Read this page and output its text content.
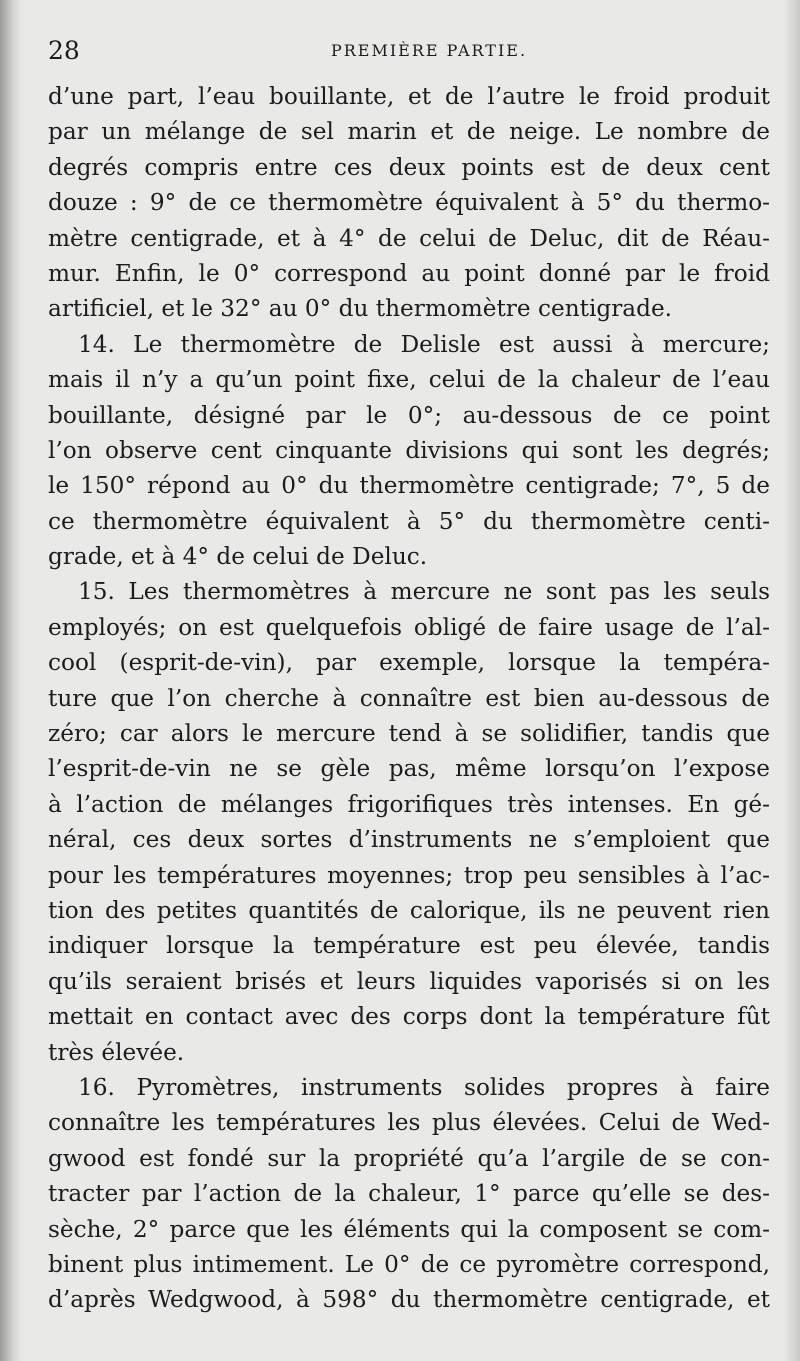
28	PREMIÈRE PARTIE.
d’une part, l’eau bouillante, et de l’autre le froid produit
par un mélange de sel marin et de neige. Le nombre de
degrés compris entre ces deux points est de deux cent
douze : 9° de ce thermomètre équivalent à 5° du thermo-
mètre centigrade, et à 4° de celui de Deluc, dit de Réau-
mur. Enfin, le 0° correspond au point donné par le froid
artificiel, et le 32° au 0° du thermomètre centigrade.
14. Le thermomètre de Delisle est aussi à mercure;
mais il n’y a qu’un point fixe, celui de la chaleur de l’eau
bouillante, désigné par le 0°; au-dessous de ce point
l’on observe cent cinquante divisions qui sont les degrés;
le 150° répond au 0° du thermomètre centigrade; 7°, 5 de
ce thermomètre équivalent à 5° du thermomètre centi-
grade, et à 4° de celui de Deluc.
15. Les thermomètres à mercure ne sont pas les seuls
employés; on est quelquefois obligé de faire usage de l’al-
cool (esprit-de-vin), par exemple, lorsque la tempéra-
ture que l’on cherche à connaître est bien au-dessous de
zéro; car alors le mercure tend à se solidifier, tandis que
l’esprit-de-vin ne se gèle pas, même lorsqu’on l’expose
à l’action de mélanges frigorifiques très intenses. En gé-
néral, ces deux sortes d’instruments ne s’emploient que
pour les températures moyennes; trop peu sensibles à l’ac-
tion des petites quantités de calorique, ils ne peuvent rien
indiquer lorsque la température est peu élevée, tandis
qu’ils seraient brisés et leurs liquides vaporisés si on les
mettait en contact avec des corps dont la température fût
très élevée.
16. Pyromètres, instruments solides propres à faire
connaître les températures les plus élevées. Celui de Wed-
gwood est fondé sur la propriété qu’a l’argile de se con-
tracter par l’action de la chaleur, 1° parce qu’elle se des-
sèche, 2° parce que les éléments qui la composent se com-
binent plus intimement. Le 0° de ce pyromètre correspond,
d’après Wedgwood, à 598° du thermomètre centigrade, et
